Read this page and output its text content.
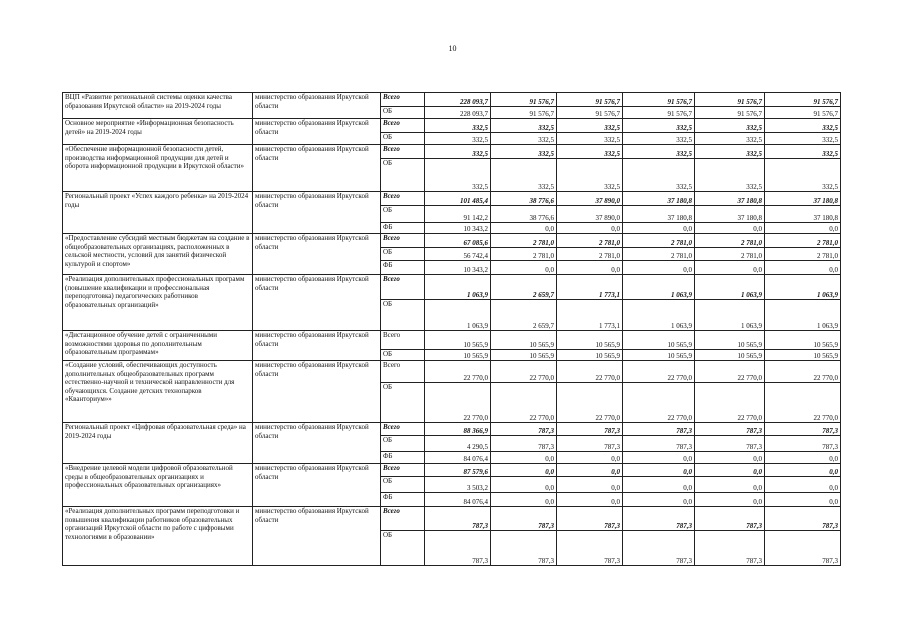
10
ВЦП «Развитие региональной системы оценки качества образования Иркутской области» на 2019-2024 годы	министерство образования Иркутской области	Всего	228 093,7	91 576,7	91 576,7	91 576,7	91 576,7	91 576,7
		ОБ	228 093,7	91 576,7	91 576,7	91 576,7	91 576,7	91 576,7
Основное мероприятие «Информационная безопасность детей» на 2019-2024 годы	министерство образования Иркутской области	Всего	332,5	332,5	332,5	332,5	332,5	332,5
		ОБ	332,5	332,5	332,5	332,5	332,5	332,5
«Обеспечение информационной безопасности детей, производства информационной продукции для детей и оборота информационной продукции в Иркутской области»	министерство образования Иркутской области	Всего	332,5	332,5	332,5	332,5	332,5	332,5
		ОБ	332,5	332,5	332,5	332,5	332,5	332,5
Региональный проект «Успех каждого ребенка» на 2019-2024 годы	министерство образования Иркутской области	Всего	101 485,4	38 776,6	37 890,0	37 180,8	37 180,8	37 180,8
		ОБ	91 142,2	38 776,6	37 890,0	37 180,8	37 180,8	37 180,8
		ФБ	10 343,2	0,0	0,0	0,0	0,0	0,0
«Предоставление субсидий местным бюджетам на создание в общеобразовательных организациях, расположенных в сельской местности, условий для занятий физической культурой и спортом»	министерство образования Иркутской области	Всего	67 085,6	2 781,0	2 781,0	2 781,0	2 781,0	2 781,0
		ОБ	56 742,4	2 781,0	2 781,0	2 781,0	2 781,0	2 781,0
		ФБ	10 343,2	0,0	0,0	0,0	0,0	0,0
«Реализация дополнительных профессиональных программ (повышение квалификации и профессиональная переподготовка) педагогических работников образовательных организаций»	министерство образования Иркутской области	Всего	1 063,9	2 659,7	1 773,1	1 063,9	1 063,9	1 063,9
		ОБ	1 063,9	2 659,7	1 773,1	1 063,9	1 063,9	1 063,9
«Дистанционное обучение детей с ограниченными возможностями здоровья по дополнительным образовательным программам»	министерство образования Иркутской области	Всего	10 565,9	10 565,9	10 565,9	10 565,9	10 565,9	10 565,9
		ОБ	10 565,9	10 565,9	10 565,9	10 565,9	10 565,9	10 565,9
«Создание условий, обеспечивающих доступность дополнительных общеобразовательных программ естественно-научной и технической направленности для обучающихся. Создание детских технопарков «Кванториум»»	министерство образования Иркутской области	Всего	22 770,0	22 770,0	22 770,0	22 770,0	22 770,0	22 770,0
		ОБ	22 770,0	22 770,0	22 770,0	22 770,0	22 770,0	22 770,0
Региональный проект «Цифровая образовательная среда» на 2019-2024 годы	министерство образования Иркутской области	Всего	88 366,9	787,3	787,3	787,3	787,3	787,3
		ОБ	4 290,5	787,3	787,3	787,3	787,3	787,3
		ФБ	84 076,4	0,0	0,0	0,0	0,0	0,0
«Внедрение целевой модели цифровой образовательной среды в общеобразовательных организациях и профессиональных образовательных организациях»	министерство образования Иркутской области	Всего	87 579,6	0,0	0,0	0,0	0,0	0,0
		ОБ	3 503,2	0,0	0,0	0,0	0,0	0,0
		ФБ	84 076,4	0,0	0,0	0,0	0,0	0,0
«Реализация дополнительных программ переподготовки и повышения квалификации работников образовательных организаций Иркутской области по работе с цифровыми технологиями в образовании»	министерство образования Иркутской области	Всего	787,3	787,3	787,3	787,3	787,3	787,3
		ОБ	787,3	787,3	787,3	787,3	787,3	787,3
